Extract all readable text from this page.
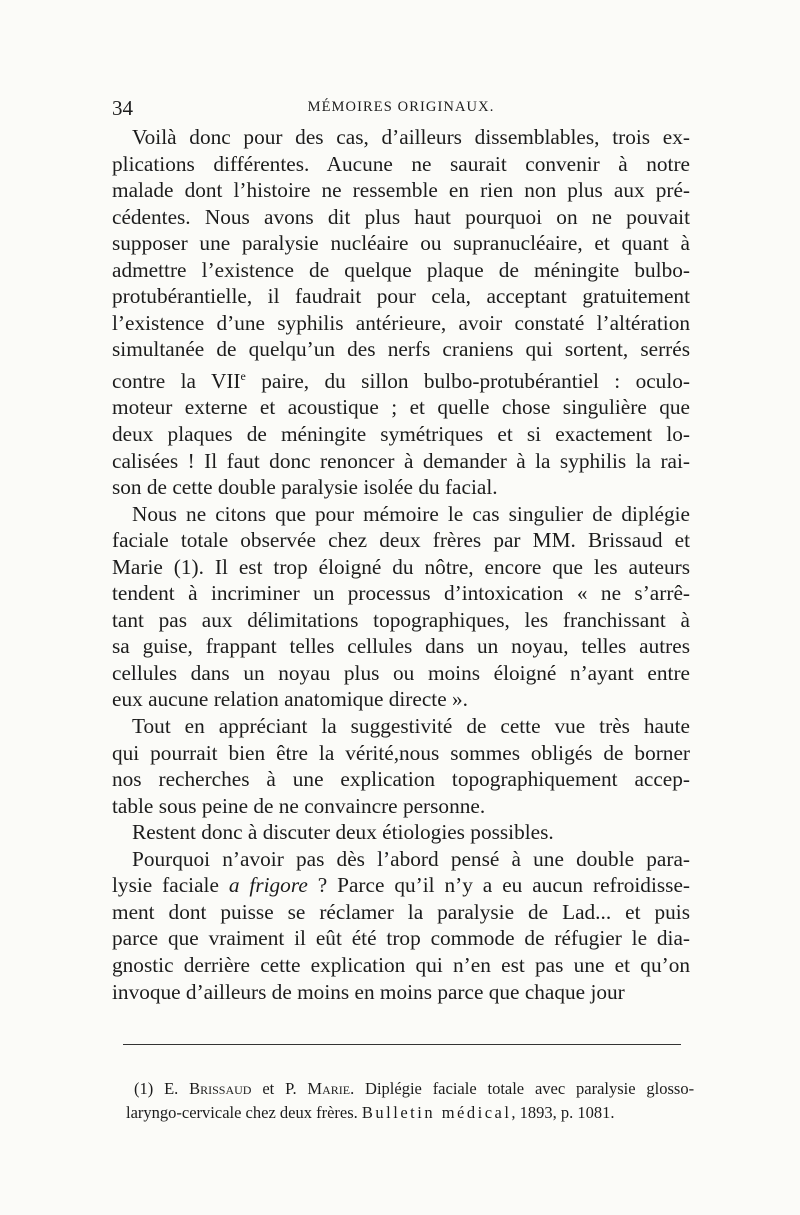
34	MÉMOIRES ORIGINAUX.

Voilà donc pour des cas, d’ailleurs dissemblables, trois ex-
plications différentes. Aucune ne saurait convenir à notre
malade dont l’histoire ne ressemble en rien non plus aux pré-
cédentes. Nous avons dit plus haut pourquoi on ne pouvait
supposer une paralysie nucléaire ou supranucléaire, et quant à
admettre l’existence de quelque plaque de méningite bulbo-
protubérantielle, il faudrait pour cela, acceptant gratuitement
l’existence d’une syphilis antérieure, avoir constaté l’altération
simultanée de quelqu’un des nerfs craniens qui sortent, serrés
contre la VIIe paire, du sillon bulbo-protubérantiel : oculo-
moteur externe et acoustique ; et quelle chose singulière que
deux plaques de méningite symétriques et si exactement lo-
calisées ! Il faut donc renoncer à demander à la syphilis la rai-
son de cette double paralysie isolée du facial.

Nous ne citons que pour mémoire le cas singulier de diplégie
faciale totale observée chez deux frères par MM. Brissaud et
Marie (1). Il est trop éloigné du nôtre, encore que les auteurs
tendent à incriminer un processus d’intoxication « ne s’arrê-
tant pas aux délimitations topographiques, les franchissant à
sa guise, frappant telles cellules dans un noyau, telles autres
cellules dans un noyau plus ou moins éloigné n’ayant entre
eux aucune relation anatomique directe ».

Tout en appréciant la suggestivité de cette vue très haute
qui pourrait bien être la vérité,nous sommes obligés de borner
nos recherches à une explication topographiquement accep-
table sous peine de ne convaincre personne.

Restent donc à discuter deux étiologies possibles.

Pourquoi n’avoir pas dès l’abord pensé à une double para-
lysie faciale a frigore ? Parce qu’il n’y a eu aucun refroidisse-
ment dont puisse se réclamer la paralysie de Lad... et puis
parce que vraiment il eût été trop commode de réfugier le dia-
gnostic derrière cette explication qui n’en est pas une et qu’on
invoque d’ailleurs de moins en moins parce que chaque jour

(1) E. Brissaud et P. Marie. Diplégie faciale totale avec paralysie glosso-
laryngo-cervicale chez deux frères. Bulletin médical, 1893, p. 1081.
